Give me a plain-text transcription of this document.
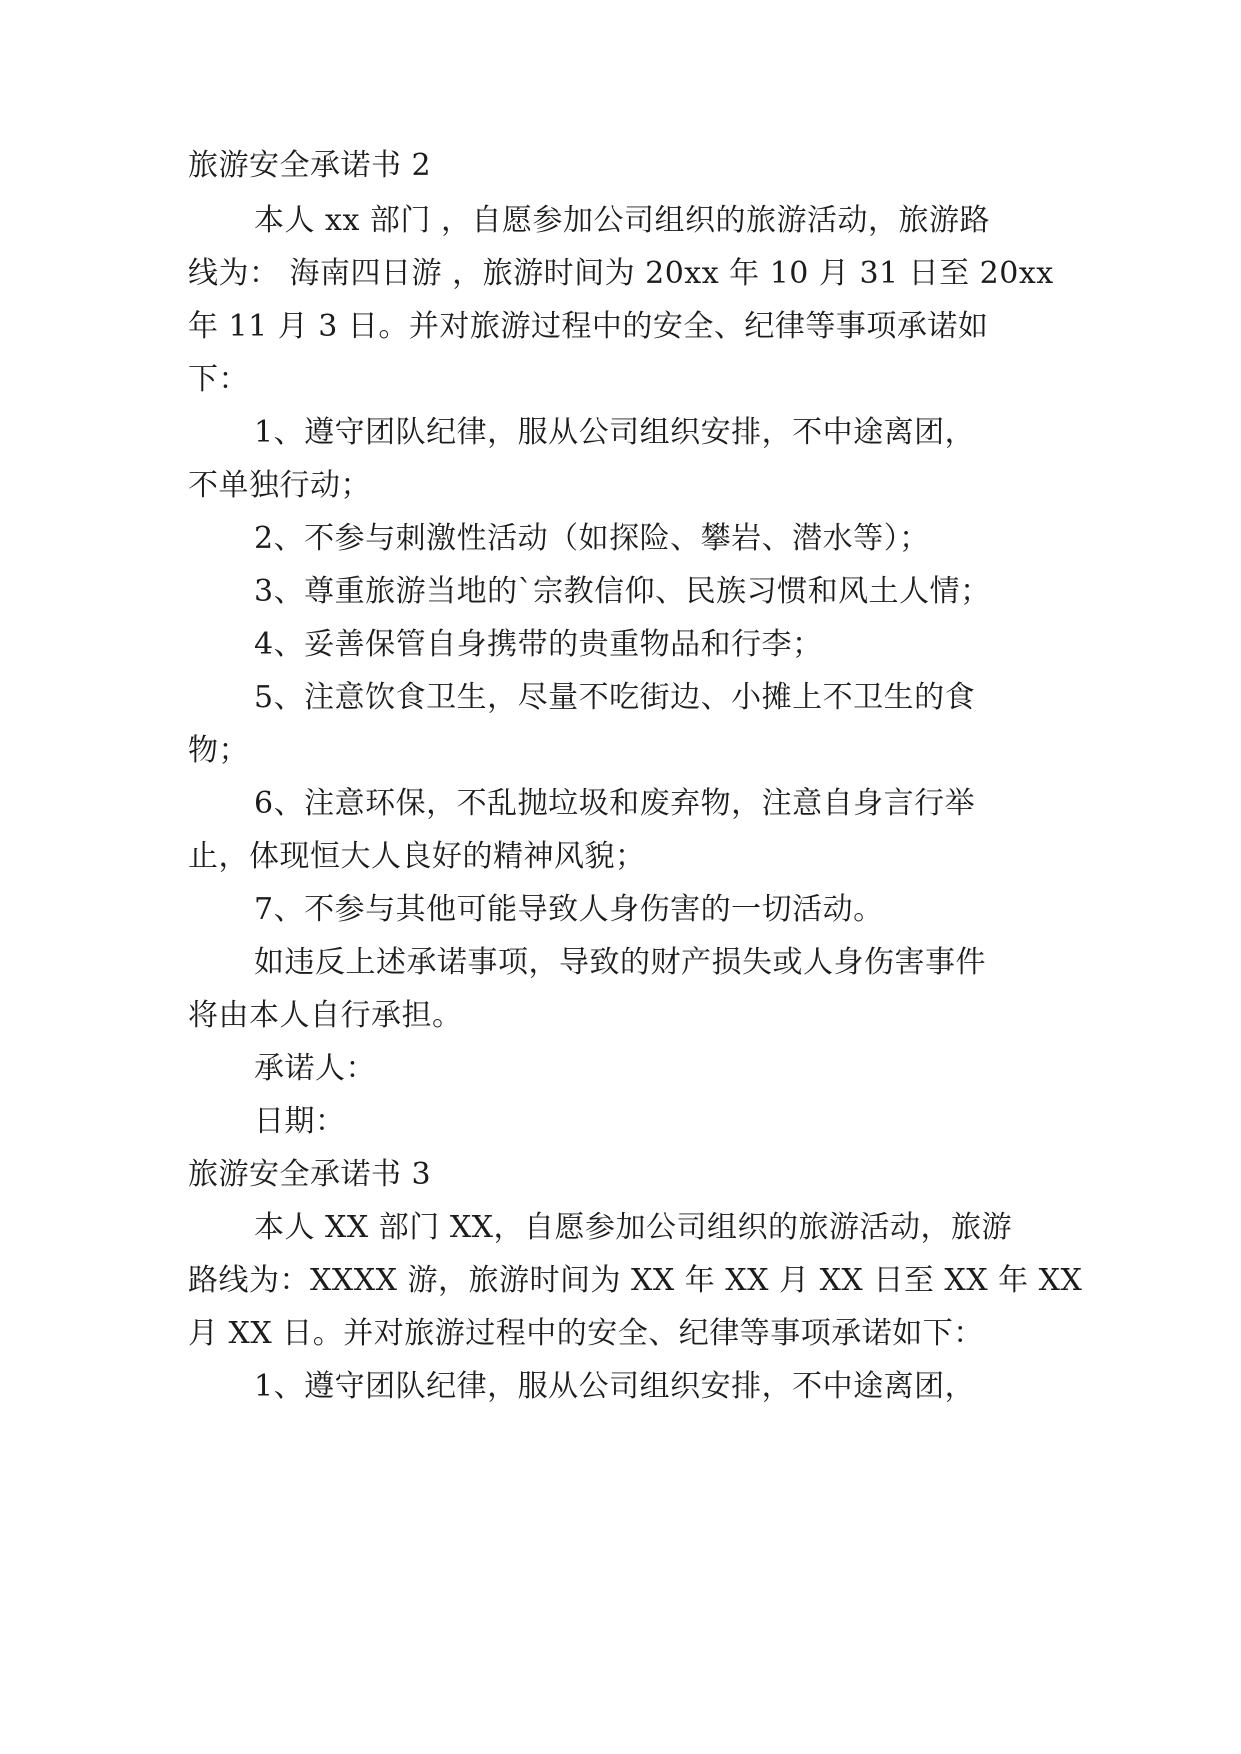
旅游安全承诺书 2
本人 xx 部门 ，自愿参加公司组织的旅游活动，旅游路
线为： 海南四日游 ，旅游时间为 20xx 年 10 月 31 日至 20xx
年 11 月 3 日。并对旅游过程中的安全、纪律等事项承诺如
下：
1、遵守团队纪律，服从公司组织安排，不中途离团，
不单独行动；
2、不参与刺激性活动（如探险、攀岩、潜水等）；
3、尊重旅游当地的`宗教信仰、民族习惯和风土人情；
4、妥善保管自身携带的贵重物品和行李；
5、注意饮食卫生，尽量不吃街边、小摊上不卫生的食
物；
6、注意环保，不乱抛垃圾和废弃物，注意自身言行举
止，体现恒大人良好的精神风貌；
7、不参与其他可能导致人身伤害的一切活动。
如违反上述承诺事项，导致的财产损失或人身伤害事件
将由本人自行承担。
承诺人：
日期：
旅游安全承诺书 3
本人 XX 部门 XX，自愿参加公司组织的旅游活动，旅游
路线为：XXXX 游，旅游时间为 XX 年 XX 月 XX 日至 XX 年 XX
月 XX 日。并对旅游过程中的安全、纪律等事项承诺如下：
1、遵守团队纪律，服从公司组织安排，不中途离团，
